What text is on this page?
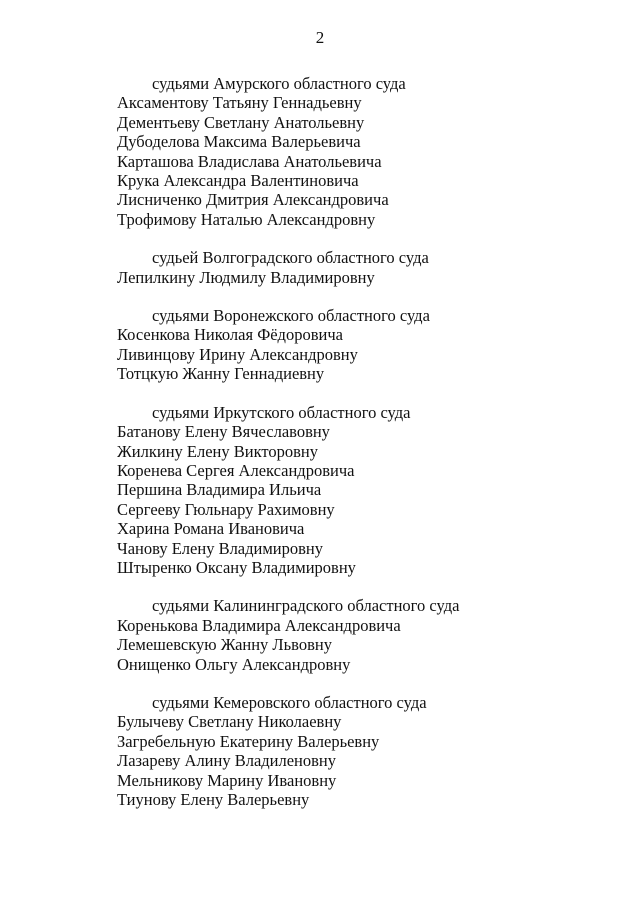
2
судьями Амурского областного суда
Аксаментову Татьяну Геннадьевну
Дементьеву Светлану Анатольевну
Дубоделова Максима Валерьевича
Карташова Владислава Анатольевича
Крука Александра Валентиновича
Лисниченко Дмитрия Александровича
Трофимову Наталью Александровну
судьей Волгоградского областного суда
Лепилкину Людмилу Владимировну
судьями Воронежского областного суда
Косенкова Николая Фёдоровича
Ливинцову Ирину Александровну
Тотцкую Жанну Геннадиевну
судьями Иркутского областного суда
Батанову Елену Вячеславовну
Жилкину Елену Викторовну
Коренева Сергея Александровича
Першина Владимира Ильича
Сергееву Гюльнару Рахимовну
Харина Романа Ивановича
Чанову Елену Владимировну
Штыренко Оксану Владимировну
судьями Калининградского областного суда
Кореньковa Владимира Александровича
Лемешевскую Жанну Львовну
Онищенко Ольгу Александровну
судьями Кемеровского областного суда
Булычеву Светлану Николаевну
Загребельную Екатерину Валерьевну
Лазареву Алину Владиленовну
Мельникову Марину Ивановну
Тиунову Елену Валерьевну
